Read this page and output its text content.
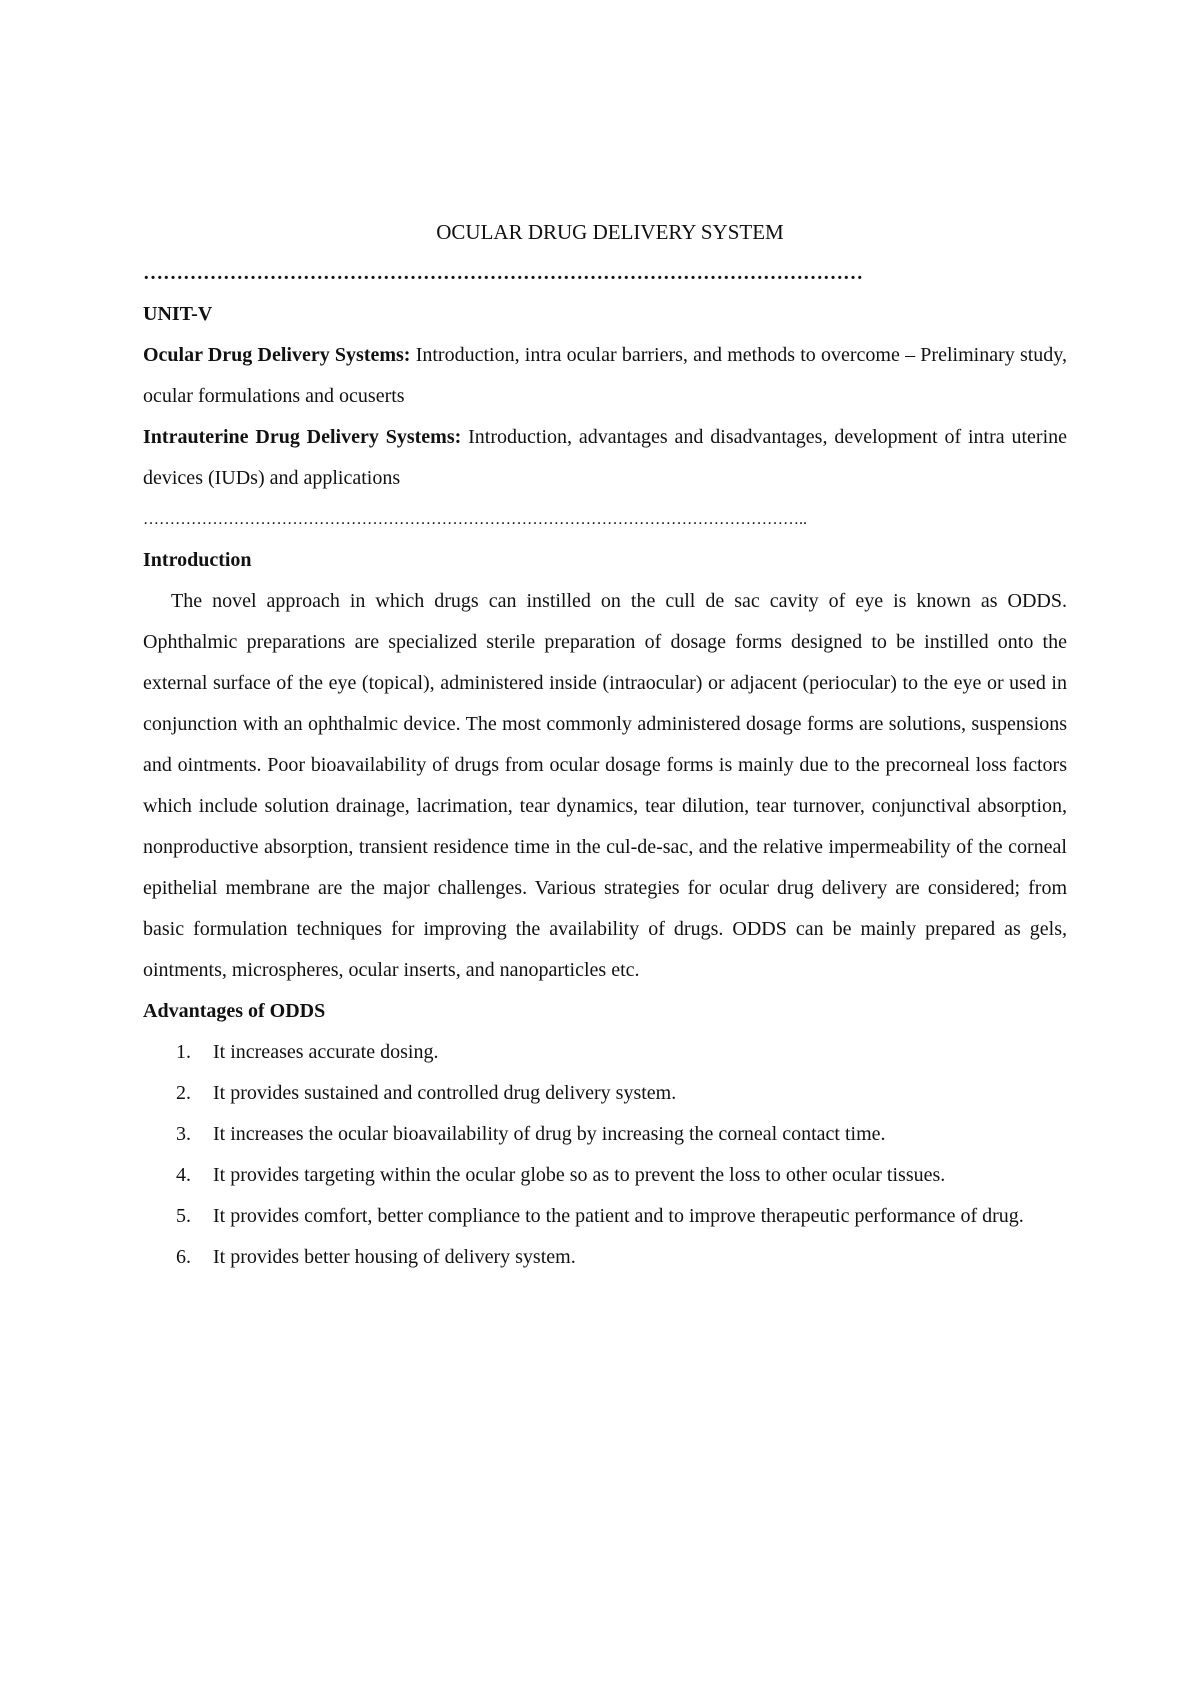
OCULAR DRUG DELIVERY SYSTEM
………………………………………………………………………………………………
UNIT-V

Ocular Drug Delivery Systems: Introduction, intra ocular barriers, and methods to overcome – Preliminary study, ocular formulations and ocuserts

Intrauterine Drug Delivery Systems: Introduction, advantages and disadvantages, development of intra uterine devices (IUDs) and applications

……………………………………………………………………………………………………………..
Introduction

The novel approach in which drugs can instilled on the cull de sac cavity of eye is known as ODDS. Ophthalmic preparations are specialized sterile preparation of dosage forms designed to be instilled onto the external surface of the eye (topical), administered inside (intraocular) or adjacent (periocular) to the eye or used in conjunction with an ophthalmic device. The most commonly administered dosage forms are solutions, suspensions and ointments. Poor bioavailability of drugs from ocular dosage forms is mainly due to the precorneal loss factors which include solution drainage, lacrimation, tear dynamics, tear dilution, tear turnover, conjunctival absorption, nonproductive absorption, transient residence time in the cul-de-sac, and the relative impermeability of the corneal epithelial membrane are the major challenges. Various strategies for ocular drug delivery are considered; from basic formulation techniques for improving the availability of drugs. ODDS can be mainly prepared as gels, ointments, microspheres, ocular inserts, and nanoparticles etc.

Advantages of ODDS
1. It increases accurate dosing.
2. It provides sustained and controlled drug delivery system.
3. It increases the ocular bioavailability of drug by increasing the corneal contact time.
4. It provides targeting within the ocular globe so as to prevent the loss to other ocular tissues.
5. It provides comfort, better compliance to the patient and to improve therapeutic performance of drug.
6. It provides better housing of delivery system.
